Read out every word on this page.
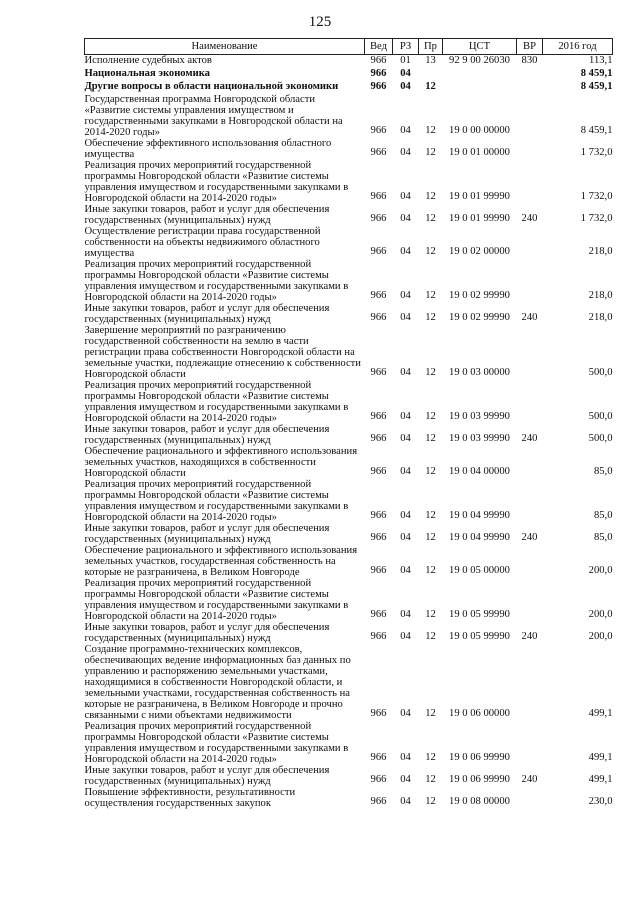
125
Наименование	Вед	РЗ	Пр	ЦСТ	ВР	2016 год
Исполнение судебных актов	966	01	13	92 9 00 26030	830	113,1
Национальная экономика	966	04				8 459,1
Другие вопросы в области национальной экономики	966	04	12			8 459,1
Государственная программа Новгородской области «Развитие системы управления имуществом и государственными закупками в Новгородской области на 2014-2020 годы»	966	04	12	19 0 00 00000		8 459,1
Обеспечение эффективного использования областного имущества	966	04	12	19 0 01 00000		1 732,0
Реализация прочих мероприятий государственной программы Новгородской области «Развитие системы управления имуществом и государственными закупками в Новгородской области на 2014-2020 годы»	966	04	12	19 0 01 99990		1 732,0
Иные закупки товаров, работ и услуг для обеспечения государственных (муниципальных) нужд	966	04	12	19 0 01 99990	240	1 732,0
Осуществление регистрации права государственной собственности на объекты недвижимого областного имущества	966	04	12	19 0 02 00000		218,0
Реализация прочих мероприятий государственной программы Новгородской области «Развитие системы управления имуществом и государственными закупками в Новгородской области на 2014-2020 годы»	966	04	12	19 0 02 99990		218,0
Иные закупки товаров, работ и услуг для обеспечения государственных (муниципальных) нужд	966	04	12	19 0 02 99990	240	218,0
Завершение мероприятий по разграничению государственной собственности на землю в части регистрации права собственности Новгородской области на земельные участки, подлежащие отнесению к собственности Новгородской области	966	04	12	19 0 03 00000		500,0
Реализация прочих мероприятий государственной программы Новгородской области «Развитие системы управления имуществом и государственными закупками в Новгородской области на 2014-2020 годы»	966	04	12	19 0 03 99990		500,0
Иные закупки товаров, работ и услуг для обеспечения государственных (муниципальных) нужд	966	04	12	19 0 03 99990	240	500,0
Обеспечение рационального и эффективного использования земельных участков, находящихся в собственности Новгородской области	966	04	12	19 0 04 00000		85,0
Реализация прочих мероприятий государственной программы Новгородской области «Развитие системы управления имуществом и государственными закупками в Новгородской области на 2014-2020 годы»	966	04	12	19 0 04 99990		85,0
Иные закупки товаров, работ и услуг для обеспечения государственных (муниципальных) нужд	966	04	12	19 0 04 99990	240	85,0
Обеспечение рационального и эффективного использования земельных участков, государственная собственность на которые не разграничена, в Великом Новгороде	966	04	12	19 0 05 00000		200,0
Реализация прочих мероприятий государственной программы Новгородской области «Развитие системы управления имуществом и государственными закупками в Новгородской области на 2014-2020 годы»	966	04	12	19 0 05 99990		200,0
Иные закупки товаров, работ и услуг для обеспечения государственных (муниципальных) нужд	966	04	12	19 0 05 99990	240	200,0
Создание программно-технических комплексов, обеспечивающих ведение информационных баз данных по управлению и распоряжению земельными участками, находящимися в собственности Новгородской области, и земельными участками, государственная собственность на которые не разграничена, в Великом Новгороде и прочно связанными с ними объектами недвижимости	966	04	12	19 0 06 00000		499,1
Реализация прочих мероприятий государственной программы Новгородской области «Развитие системы управления имуществом и государственными закупками в Новгородской области на 2014-2020 годы»	966	04	12	19 0 06 99990		499,1
Иные закупки товаров, работ и услуг для обеспечения государственных (муниципальных) нужд	966	04	12	19 0 06 99990	240	499,1
Повышение эффективности, результативности осуществления государственных закупок	966	04	12	19 0 08 00000		230,0
